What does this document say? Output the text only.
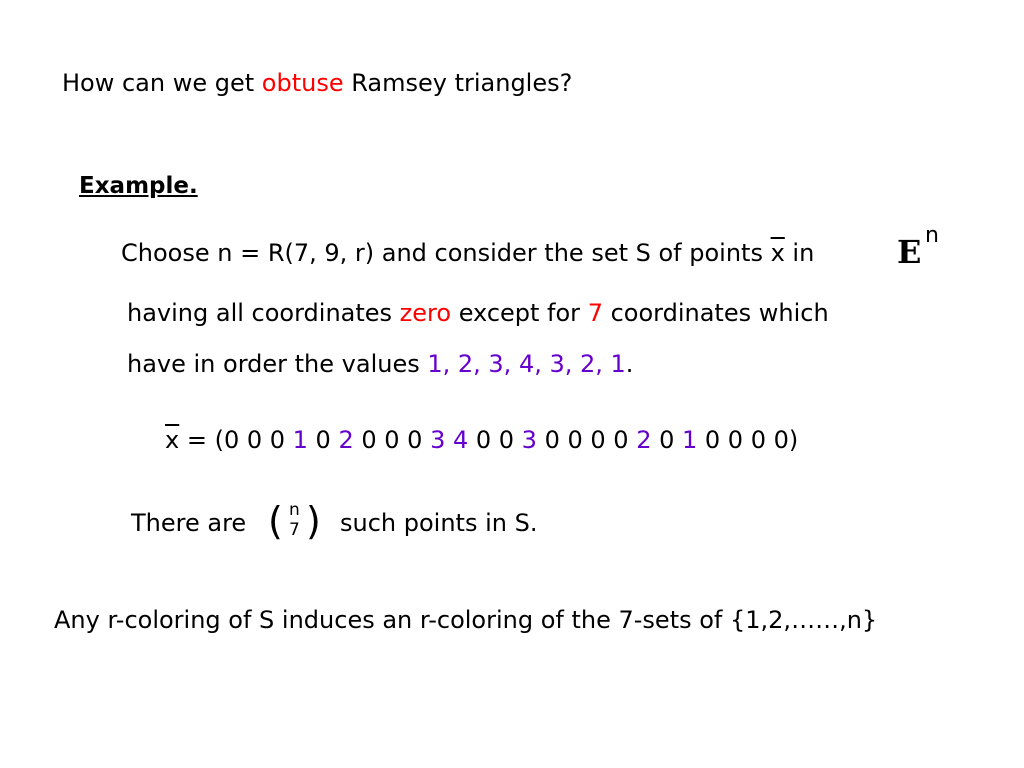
How can we get obtuse Ramsey triangles?
Example.
Choose n = R(7, 9, r) and consider the set S of points $\overline{x}$ in	E n
having all coordinates zero except for 7 coordinates which
have in order the values 1, 2, 3, 4, 3, 2, 1.
$\overline{x} = (0$ 0 0 1 0 2 0 0 0 3 4 0 0 3 0 0 0 0 2 0 1 0 0 0 0)
There are ( n
7 ) such points in S.
Any r-coloring of S induces an r-coloring of the 7-sets of {1,2,……,n}
